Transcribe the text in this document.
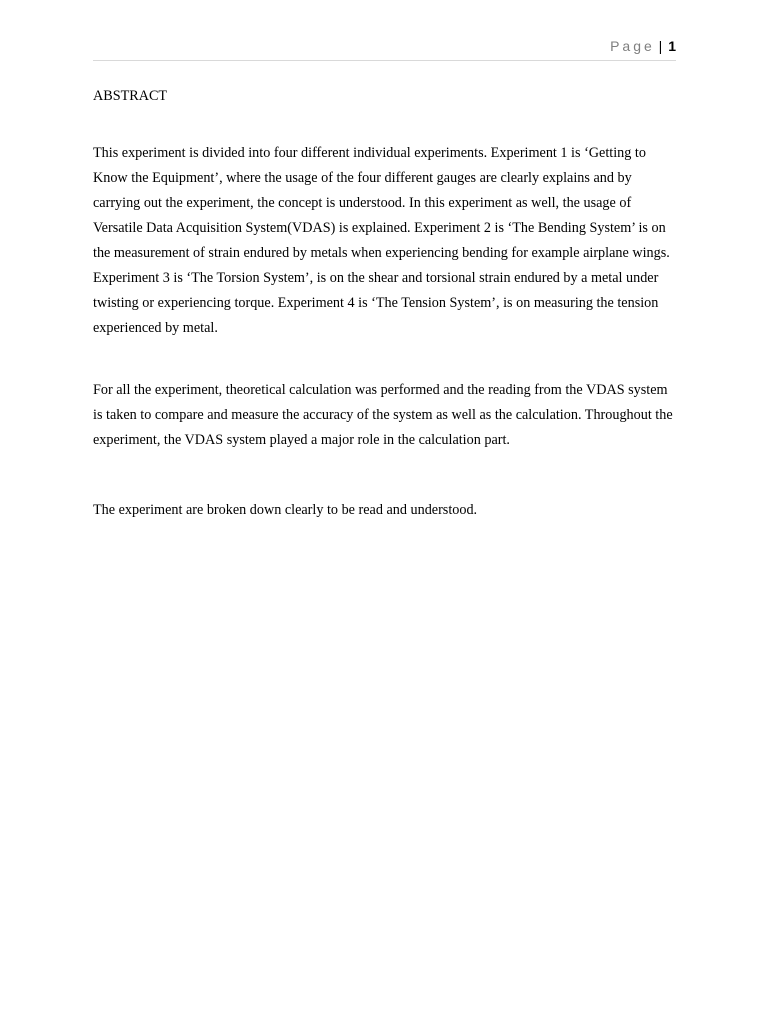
Page | 1
ABSTRACT

This experiment is divided into four different individual experiments. Experiment 1 is ‘Getting to Know the Equipment’, where the usage of the four different gauges are clearly explains and by carrying out the experiment, the concept is understood. In this experiment as well, the usage of Versatile Data Acquisition System(VDAS) is explained. Experiment 2 is ‘The Bending System’ is on the measurement of strain endured by metals when experiencing bending for example airplane wings. Experiment 3 is ‘The Torsion System’, is on the shear and torsional strain endured by a metal under twisting or experiencing torque. Experiment 4 is ‘The Tension System’, is on measuring the tension experienced by metal.

For all the experiment, theoretical calculation was performed and the reading from the VDAS system is taken to compare and measure the accuracy of the system as well as the calculation. Throughout the experiment, the VDAS system played a major role in the calculation part.

The experiment are broken down clearly to be read and understood.
